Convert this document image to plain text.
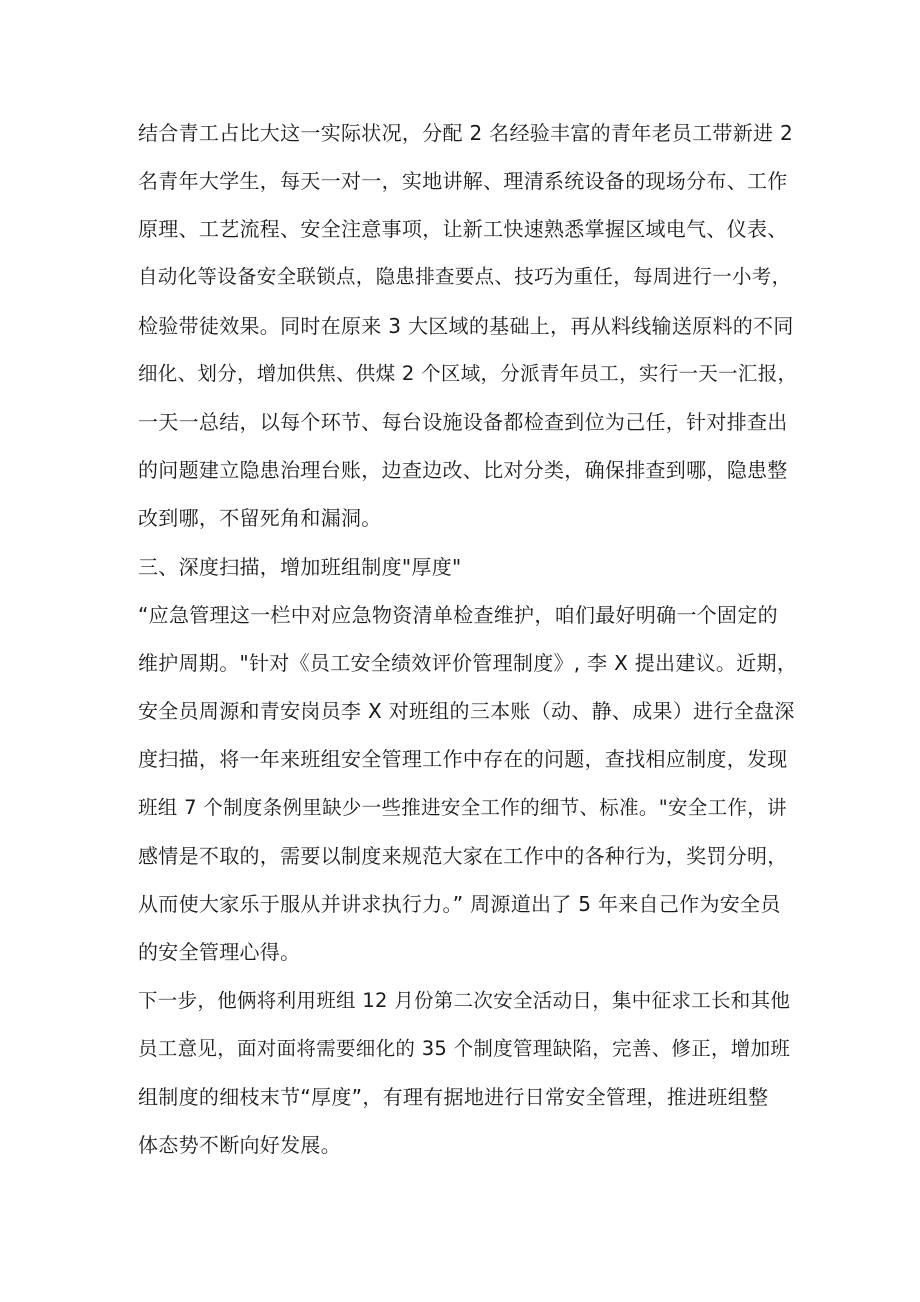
结合青工占比大这一实际状况，分配 2 名经验丰富的青年老员工带新进 2
名青年大学生，每天一对一，实地讲解、理清系统设备的现场分布、工作
原理、工艺流程、安全注意事项，让新工快速熟悉掌握区域电气、仪表、
自动化等设备安全联锁点，隐患排查要点、技巧为重任，每周进行一小考，
检验带徒效果。同时在原来 3 大区域的基础上，再从料线输送原料的不同
细化、划分，增加供焦、供煤 2 个区域，分派青年员工，实行一天一汇报，
一天一总结，以每个环节、每台设施设备都检查到位为己任，针对排查出
的问题建立隐患治理台账，边查边改、比对分类，确保排查到哪，隐患整
改到哪，不留死角和漏洞。
三、深度扫描，增加班组制度"厚度"
“应急管理这一栏中对应急物资清单检查维护，咱们最好明确一个固定的
维护周期。"针对《员工安全绩效评价管理制度》, 李 X 提出建议。近期，
安全员周源和青安岗员李 X 对班组的三本账（动、静、成果）进行全盘深
度扫描，将一年来班组安全管理工作中存在的问题，查找相应制度，发现
班组 7 个制度条例里缺少一些推进安全工作的细节、标准。"安全工作，讲
感情是不取的，需要以制度来规范大家在工作中的各种行为，奖罚分明，
从而使大家乐于服从并讲求执行力。” 周源道出了 5 年来自己作为安全员
的安全管理心得。
下一步，他俩将利用班组 12 月份第二次安全活动日，集中征求工长和其他
员工意见，面对面将需要细化的 35 个制度管理缺陷，完善、修正，增加班
组制度的细枝末节“厚度”，有理有据地进行日常安全管理，推进班组整
体态势不断向好发展。
